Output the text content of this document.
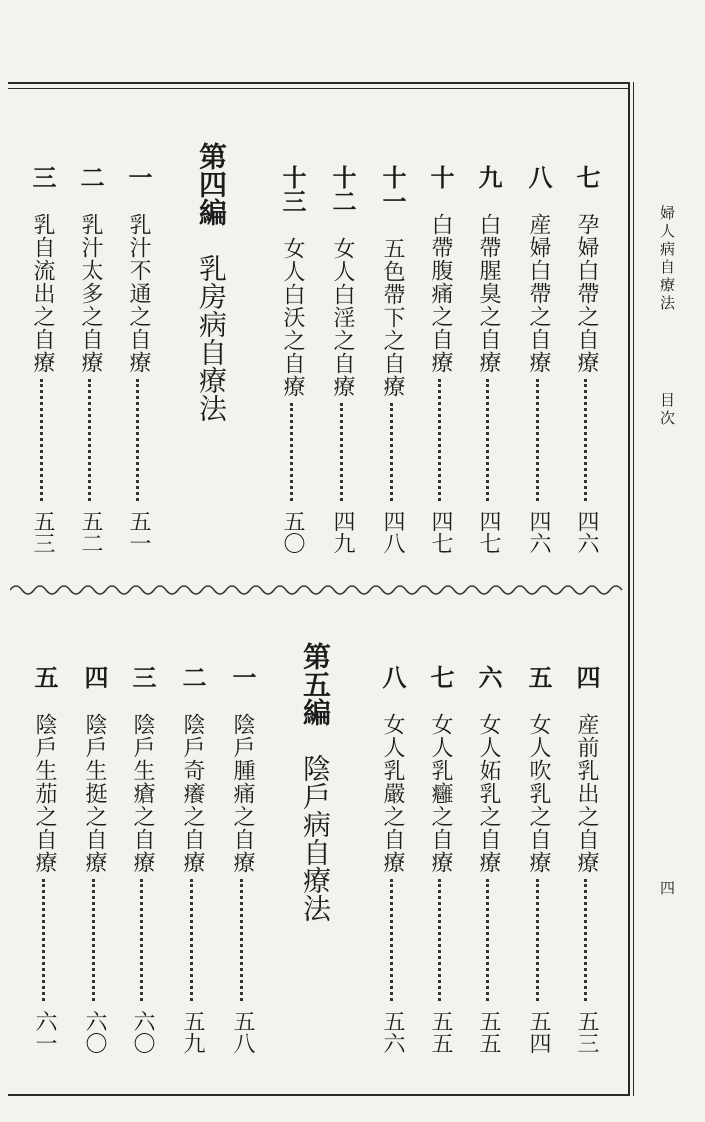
婦人病自療法
目次
四
七
孕婦白帶之自療
四六
八
産婦白帶之自療
四六
九
白帶腥臭之自療
四七
十
白帶腹痛之自療
四七
十一
五色帶下之自療
四八
十二
女人白淫之自療
四九
十三
女人白沃之自療
五〇
第四編　乳房病自療法
一
乳汁不通之自療
五一
二
乳汁太多之自療
五二
三
乳自流出之自療
五三
四
産前乳出之自療
五三
五
女人吹乳之自療
五四
六
女人妬乳之自療
五五
七
女人乳癰之自療
五五
八
女人乳嚴之自療
五六
第五編　陰戶病自療法
一
陰戶腫痛之自療
五八
二
陰戶奇癢之自療
五九
三
陰戶生瘡之自療
六〇
四
陰戶生挺之自療
六〇
五
陰戶生茄之自療
六一
